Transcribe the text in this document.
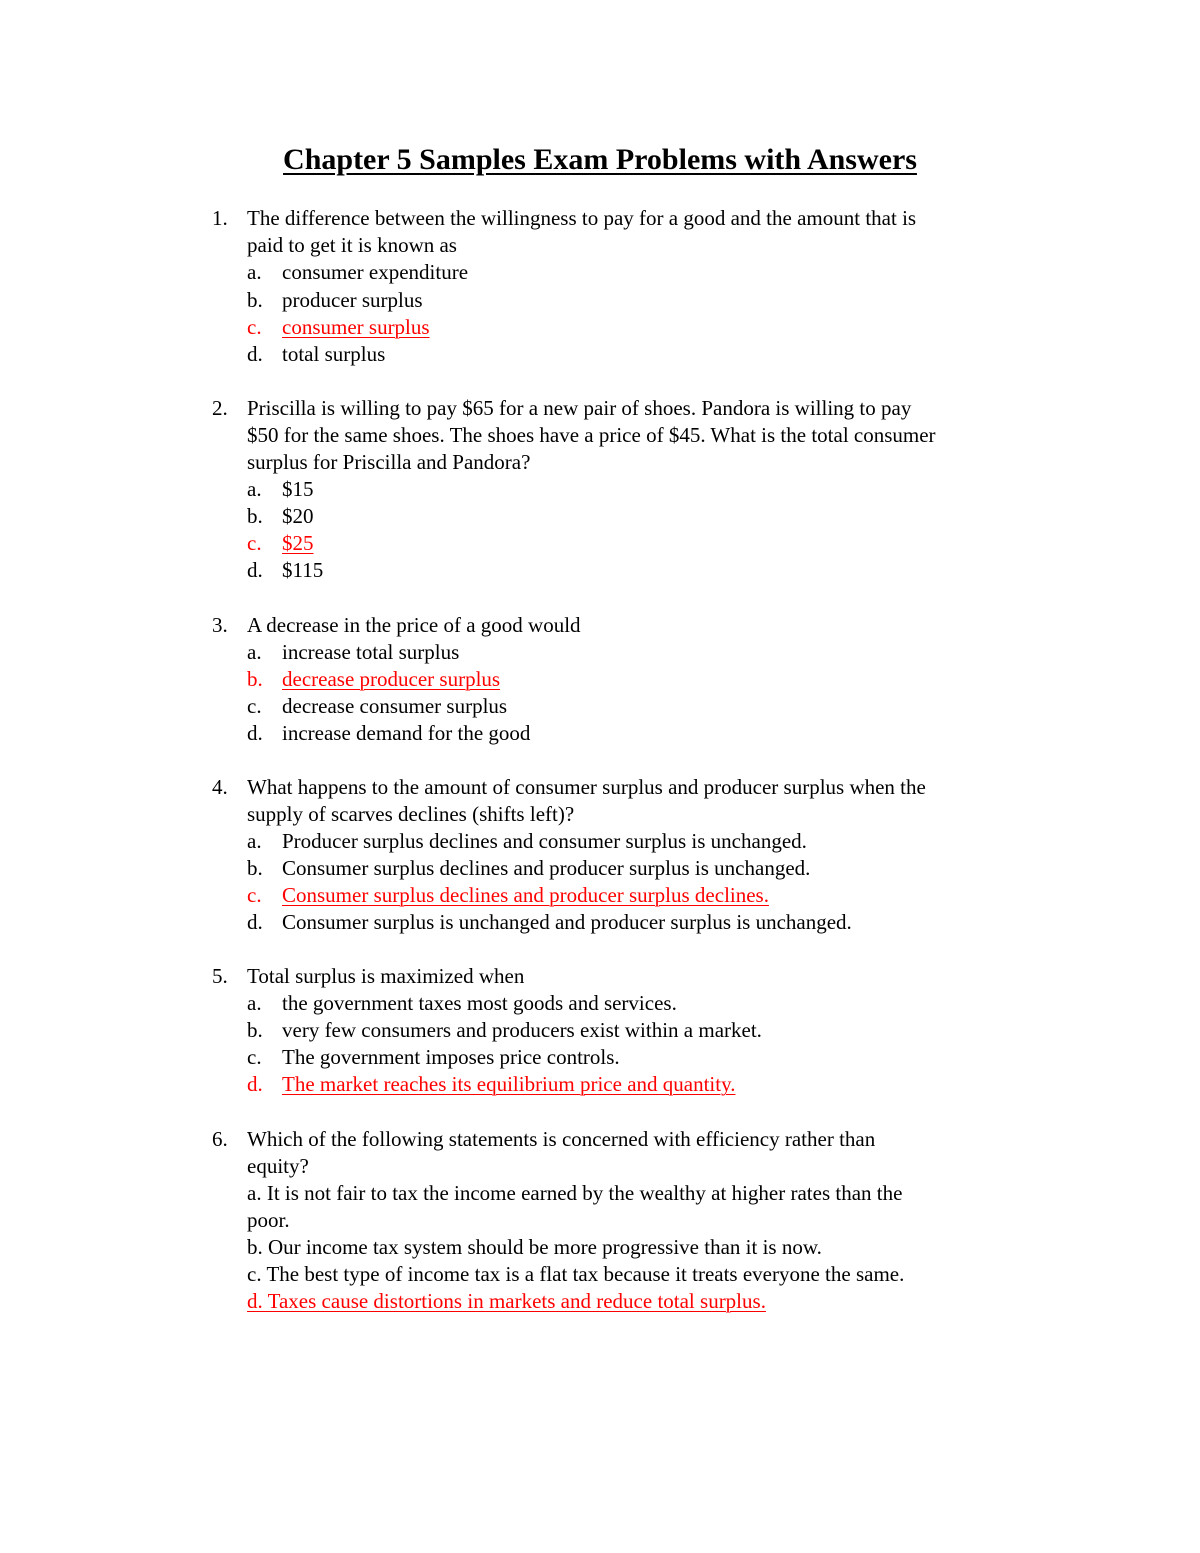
Chapter 5 Samples Exam Problems with Answers
1. The difference between the willingness to pay for a good and the amount that is
paid to get it is known as
a. consumer expenditure
b. producer surplus
c. consumer surplus
d. total surplus
2. Priscilla is willing to pay $65 for a new pair of shoes. Pandora is willing to pay
$50 for the same shoes. The shoes have a price of $45. What is the total consumer
surplus for Priscilla and Pandora?
a. $15
b. $20
c. $25
d. $115
3. A decrease in the price of a good would
a. increase total surplus
b. decrease producer surplus
c. decrease consumer surplus
d. increase demand for the good
4. What happens to the amount of consumer surplus and producer surplus when the
supply of scarves declines (shifts left)?
a. Producer surplus declines and consumer surplus is unchanged.
b. Consumer surplus declines and producer surplus is unchanged.
c. Consumer surplus declines and producer surplus declines.
d. Consumer surplus is unchanged and producer surplus is unchanged.
5. Total surplus is maximized when
a. the government taxes most goods and services.
b. very few consumers and producers exist within a market.
c. The government imposes price controls.
d. The market reaches its equilibrium price and quantity.
6. Which of the following statements is concerned with efficiency rather than
equity?
a. It is not fair to tax the income earned by the wealthy at higher rates than the
poor.
b. Our income tax system should be more progressive than it is now.
c. The best type of income tax is a flat tax because it treats everyone the same.
d. Taxes cause distortions in markets and reduce total surplus.
